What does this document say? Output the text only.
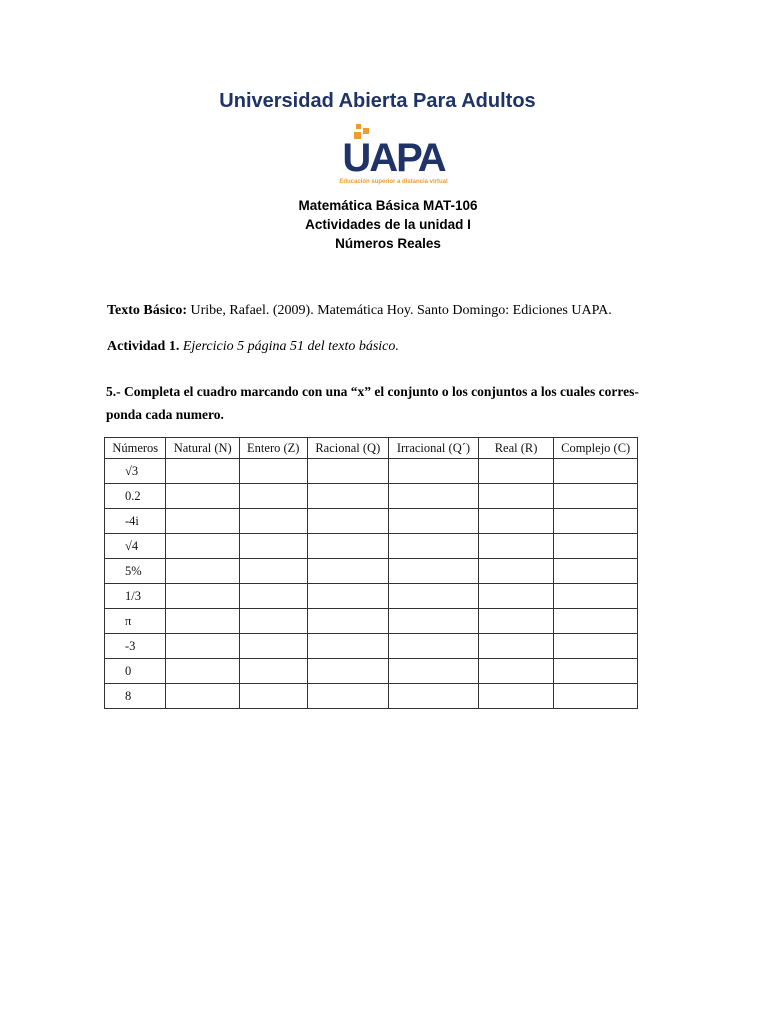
Universidad Abierta Para Adultos
UAPA
Educación superior a distancia virtual
Matemática Básica MAT-106
Actividades de la unidad I
Números Reales
Texto Básico: Uribe, Rafael. (2009). Matemática Hoy. Santo Domingo: Ediciones UAPA.
Actividad 1. Ejercicio 5 página 51 del texto básico.
5.- Completa el cuadro marcando con una “x” el conjunto o los conjuntos a los cuales corres- ponda cada numero.
Números	Natural (N)	Entero (Z)	Racional (Q)	Irracional (Q´)	Real (R)	Complejo (C)
√3						
0.2						
-4i						
√4						
5%						
1/3						
π						
-3						
0						
8						
